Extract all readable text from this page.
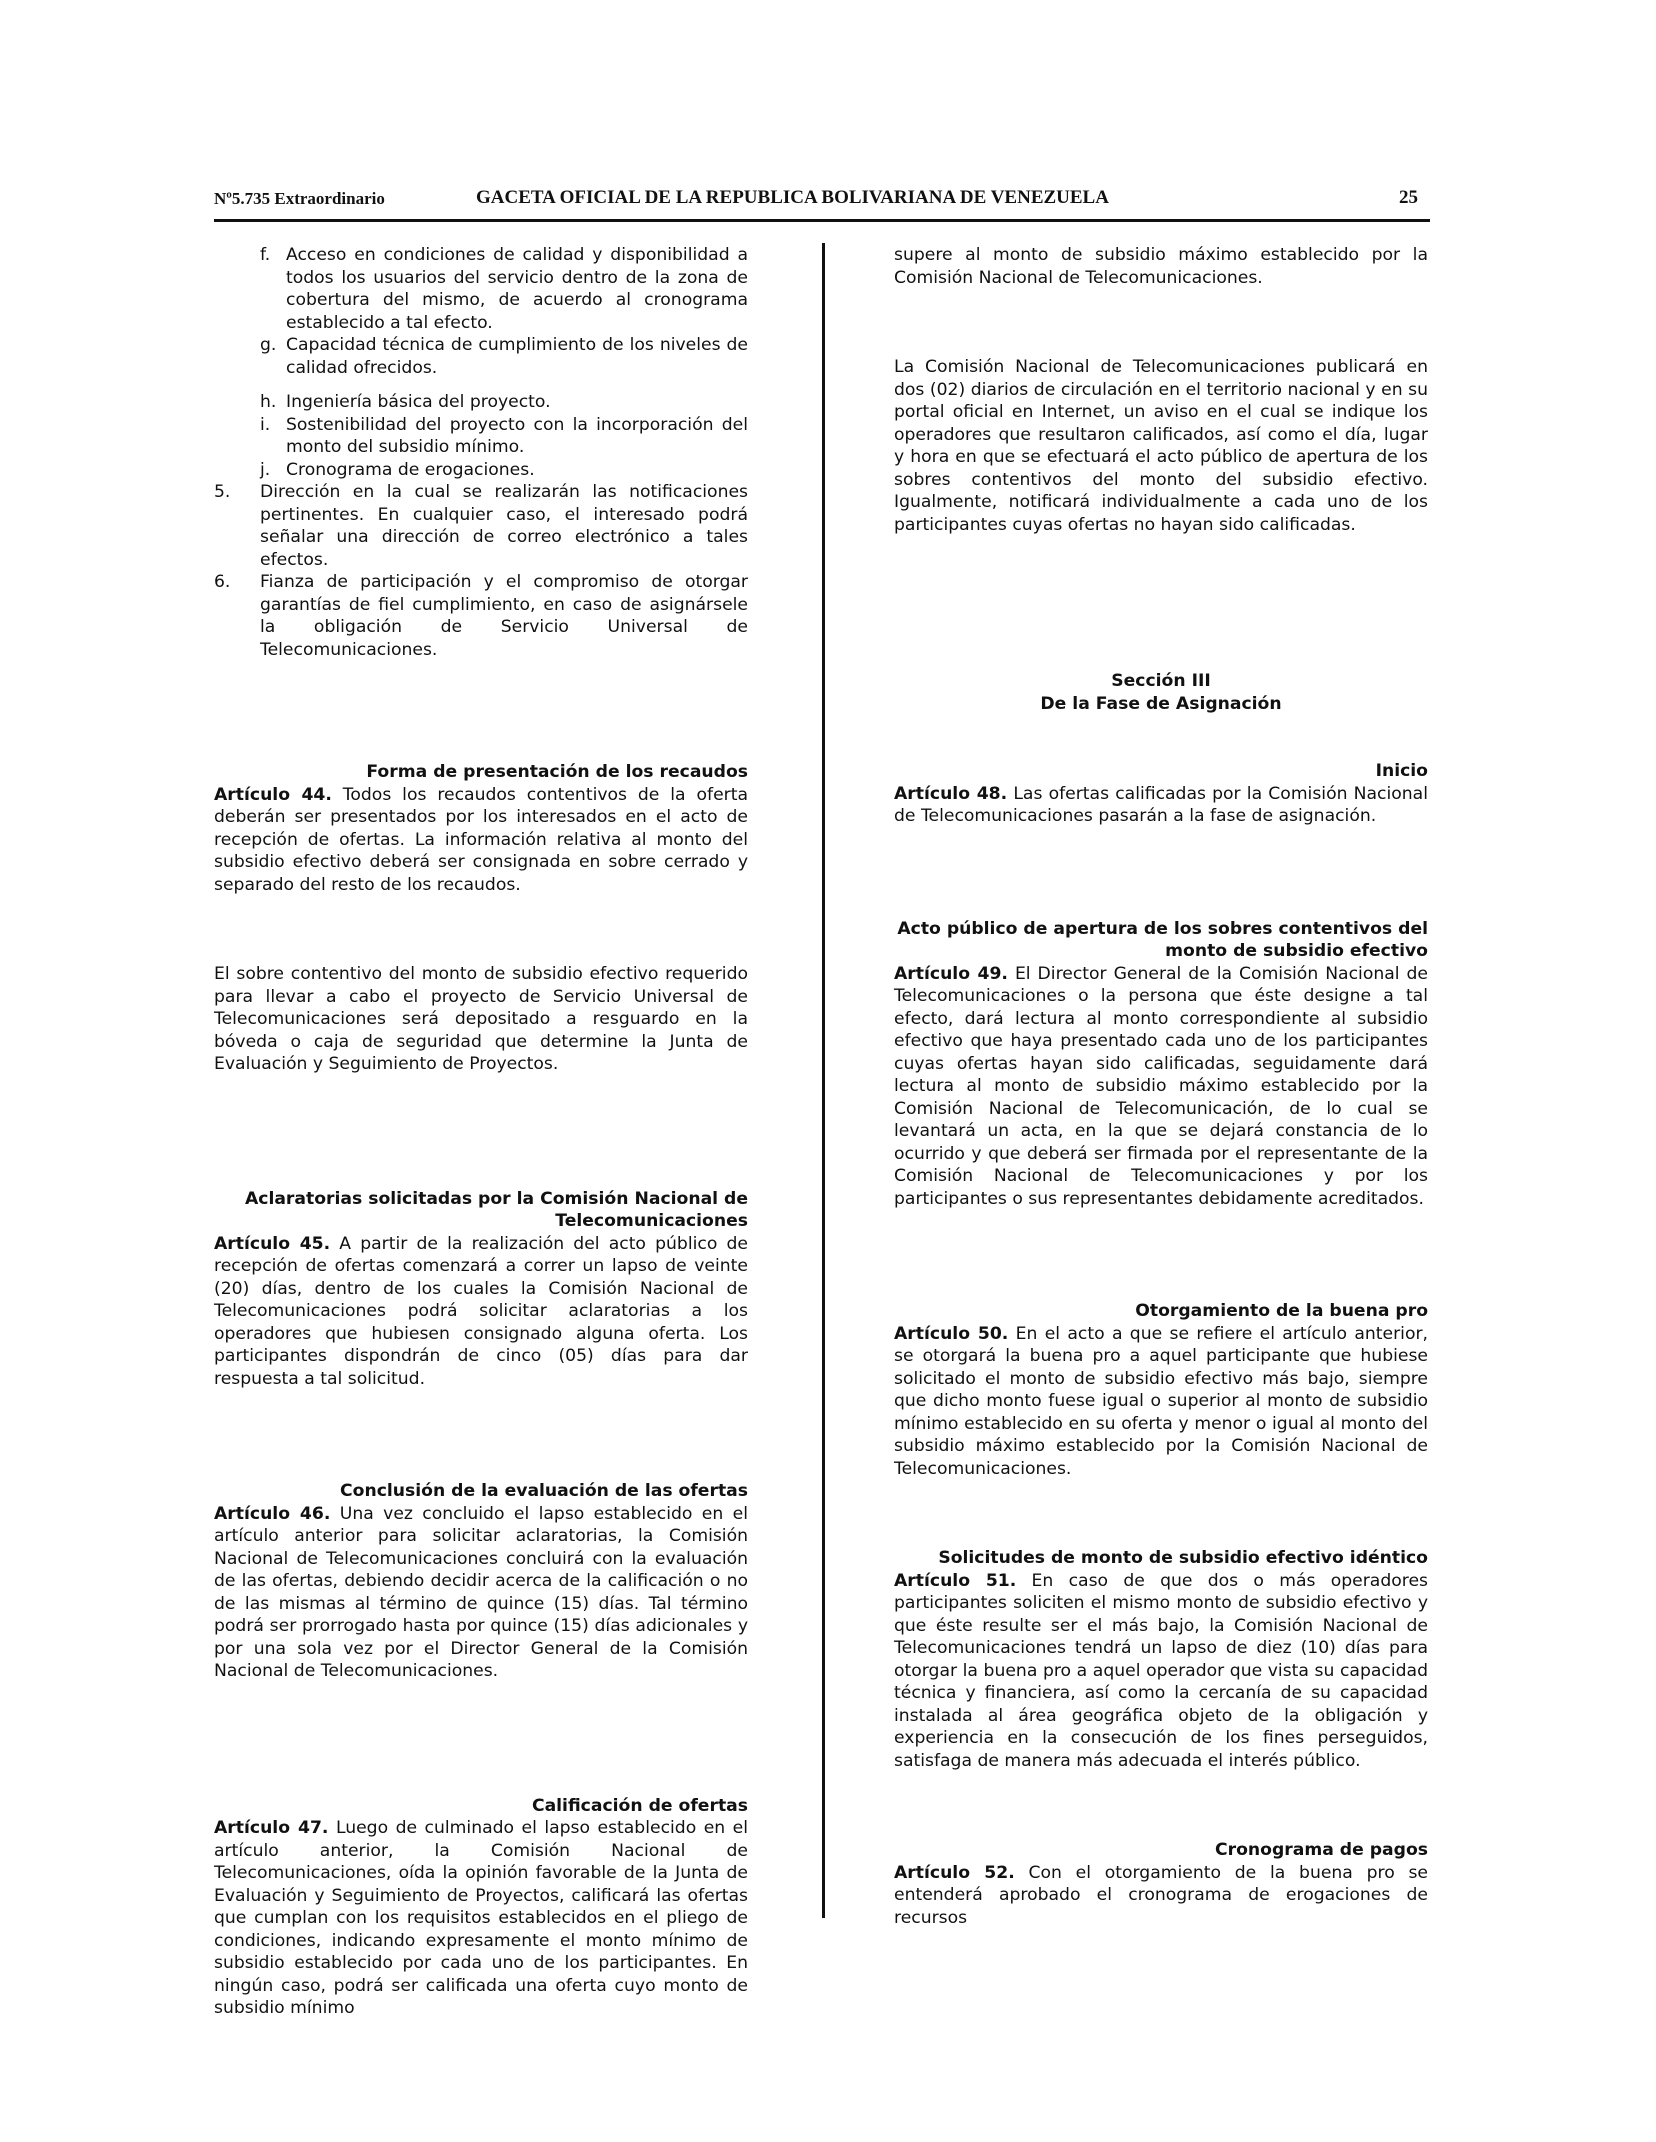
Nº5.735 Extraordinario	GACETA OFICIAL DE LA REPUBLICA BOLIVARIANA DE VENEZUELA	25
f. Acceso en condiciones de calidad y disponibilidad a todos los usuarios del servicio dentro de la zona de cobertura del mismo, de acuerdo al cronograma establecido a tal efecto.
g. Capacidad técnica de cumplimiento de los niveles de calidad ofrecidos.
h. Ingeniería básica del proyecto.
i. Sostenibilidad del proyecto con la incorporación del monto del subsidio mínimo.
j. Cronograma de erogaciones.
5.	Dirección en la cual se realizarán las notificaciones pertinentes. En cualquier caso, el interesado podrá señalar una dirección de correo electrónico a tales efectos.
6.	Fianza de participación y el compromiso de otorgar garantías de fiel cumplimiento, en caso de asignársele la obligación de Servicio Universal de Telecomunicaciones.
Forma de presentación de los recaudos

Artículo 44. Todos los recaudos contentivos de la oferta deberán ser presentados por los interesados en el acto de recepción de ofertas. La información relativa al monto del subsidio efectivo deberá ser consignada en sobre cerrado y separado del resto de los recaudos.

El sobre contentivo del monto de subsidio efectivo requerido para llevar a cabo el proyecto de Servicio Universal de Telecomunicaciones será depositado a resguardo en la bóveda o caja de seguridad que determine la Junta de Evaluación y Seguimiento de Proyectos.

Aclaratorias solicitadas por la Comisión Nacional de
Telecomunicaciones

Artículo 45. A partir de la realización del acto público de recepción de ofertas comenzará a correr un lapso de veinte (20) días, dentro de los cuales la Comisión Nacional de Telecomunicaciones podrá solicitar aclaratorias a los operadores que hubiesen consignado alguna oferta. Los participantes dispondrán de cinco (05) días para dar respuesta a tal solicitud.

Conclusión de la evaluación de las ofertas

Artículo 46. Una vez concluido el lapso establecido en el artículo anterior para solicitar aclaratorias, la Comisión Nacional de Telecomunicaciones concluirá con la evaluación de las ofertas, debiendo decidir acerca de la calificación o no de las mismas al término de quince (15) días. Tal término podrá ser prorrogado hasta por quince (15) días adicionales y por una sola vez por el Director General de la Comisión Nacional de Telecomunicaciones.

Calificación de ofertas

Artículo 47. Luego de culminado el lapso establecido en el artículo anterior, la Comisión Nacional de Telecomunicaciones, oída la opinión favorable de la Junta de Evaluación y Seguimiento de Proyectos, calificará las ofertas que cumplan con los requisitos establecidos en el pliego de condiciones, indicando expresamente el monto mínimo de subsidio establecido por cada uno de los participantes. En ningún caso, podrá ser calificada una oferta cuyo monto de subsidio mínimo

supere al monto de subsidio máximo establecido por la Comisión Nacional de Telecomunicaciones.

La Comisión Nacional de Telecomunicaciones publicará en dos (02) diarios de circulación en el territorio nacional y en su portal oficial en Internet, un aviso en el cual se indique los operadores que resultaron calificados, así como el día, lugar y hora en que se efectuará el acto público de apertura de los sobres contentivos del monto del subsidio efectivo. Igualmente, notificará individualmente a cada uno de los participantes cuyas ofertas no hayan sido calificadas.

Sección III
De la Fase de Asignación
Inicio

Artículo 48. Las ofertas calificadas por la Comisión Nacional de Telecomunicaciones pasarán a la fase de asignación.

Acto público de apertura de los sobres contentivos del
monto de subsidio efectivo

Artículo 49. El Director General de la Comisión Nacional de Telecomunicaciones o la persona que éste designe a tal efecto, dará lectura al monto correspondiente al subsidio efectivo que haya presentado cada uno de los participantes cuyas ofertas hayan sido calificadas, seguidamente dará lectura al monto de subsidio máximo establecido por la Comisión Nacional de Telecomunicación, de lo cual se levantará un acta, en la que se dejará constancia de lo ocurrido y que deberá ser firmada por el representante de la Comisión Nacional de Telecomunicaciones y por los participantes o sus representantes debidamente acreditados.

Otorgamiento de la buena pro

Artículo 50. En el acto a que se refiere el artículo anterior, se otorgará la buena pro a aquel participante que hubiese solicitado el monto de subsidio efectivo más bajo, siempre que dicho monto fuese igual o superior al monto de subsidio mínimo establecido en su oferta y menor o igual al monto del subsidio máximo establecido por la Comisión Nacional de Telecomunicaciones.

Solicitudes de monto de subsidio efectivo idéntico

Artículo 51. En caso de que dos o más operadores participantes soliciten el mismo monto de subsidio efectivo y que éste resulte ser el más bajo, la Comisión Nacional de Telecomunicaciones tendrá un lapso de diez (10) días para otorgar la buena pro a aquel operador que vista su capacidad técnica y financiera, así como la cercanía de su capacidad instalada al área geográfica objeto de la obligación y experiencia en la consecución de los fines perseguidos, satisfaga de manera más adecuada el interés público.

Cronograma de pagos

Artículo 52. Con el otorgamiento de la buena pro se entenderá aprobado el cronograma de erogaciones de recursos
